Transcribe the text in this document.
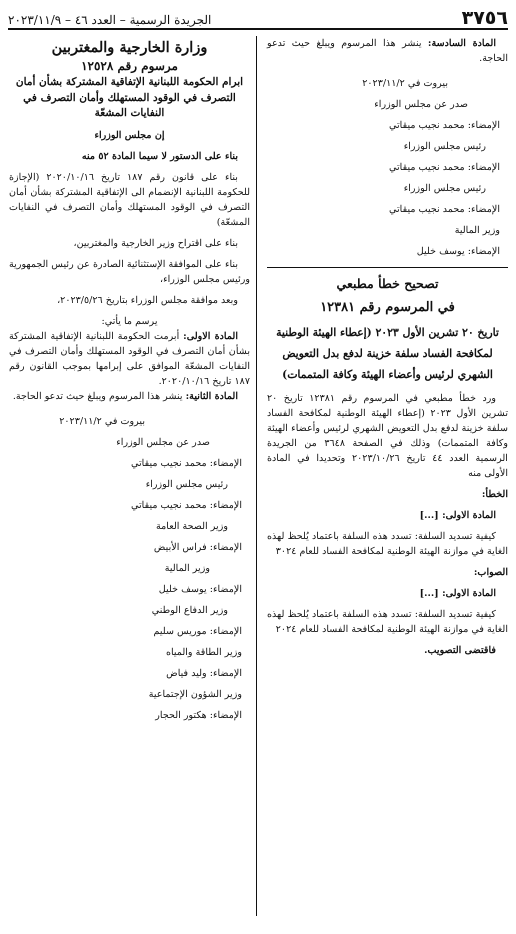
٣٧٥٦
الجريدة الرسمية – العدد ٤٦ – ٢٠٢٣/١١/٩

المادة السادسة: ينشر هذا المرسوم ويبلغ حيث تدعو الحاجة.

بيروت في ٢٠٢٣/١١/٢

صدر عن مجلس الوزراء

الإمضاء: محمد نجيب ميقاتي

رئيس مجلس الوزراء

الإمضاء: محمد نجيب ميقاتي

رئيس مجلس الوزراء

الإمضاء: محمد نجيب ميقاتي

وزير المالية

الإمضاء: يوسف خليل

تصحيح خطأ مطبعي

في المرسوم رقم ١٢٣٨١

تاريخ ٢٠ تشرين الأول ٢٠٢٣ (إعطاء الهيئة الوطنية لمكافحة الفساد سلفة خزينة لدفع بدل التعويض الشهري لرئيس وأعضاء الهيئة وكافة المتممات)

ورد خطأ مطبعي في المرسوم رقم ١٢٣٨١ تاريخ ٢٠ تشرين الأول ٢٠٢٣ (إعطاء الهيئة الوطنية لمكافحة الفساد سلفة خزينة لدفع بدل التعويض الشهري لرئيس وأعضاء الهيئة وكافة المتممات) وذلك في الصفحة ٣٦٤٨ من الجريدة الرسمية العدد ٤٤ تاريخ ٢٠٢٣/١٠/٢٦ وتحديدا في المادة الأولى منه

الخطأ:

المادة الاولى: [...]

كيفية تسديد السلفة: تسدد هذه السلفة باعتماد يُلحظ لهذه الغاية في موازنة الهيئة الوطنية لمكافحة الفساد للعام ٣٠٢٤

الصواب:

المادة الاولى: [...]

كيفية تسديد السلفة: تسدد هذه السلفة باعتماد يُلحظ لهذه الغاية في موازنة الهيئة الوطنية لمكافحة الفساد للعام ٢٠٢٤

فاقتضى التصويب.

وزارة الخارجية والمغتربين

مرسوم رقم ١٢٥٢٨

ابرام الحكومة اللبنانية الإتفاقية المشتركة بشأن أمان التصرف في الوقود المستهلك وأمان التصرف في النفايات المشعّة

إن مجلس الوزراء

بناء على الدستور لا سيما المادة ٥٢ منه

بناء على قانون رقم ١٨٧ تاريخ ٢٠٢٠/١٠/١٦ (الإجازة للحكومة اللبنانية الإنضمام الى الإتفاقية المشتركة بشأن أمان التصرف في الوقود المستهلك وأمان التصرف في النفايات المشعّة)

بناء على اقتراح وزير الخارجية والمغتربين،

بناء على الموافقة الإستثنائية الصادرة عن رئيس الجمهورية ورئيس مجلس الوزراء،

وبعد موافقة مجلس الوزراء بتاريخ ٢٠٢٣/٥/٢٦،

يرسم ما يأتي:

المادة الاولى: أبرمت الحكومة اللبنانية الإتفاقية المشتركة بشأن أمان التصرف في الوقود المستهلك وأمان التصرف في النفايات المشعّة الموافق على إبرامها بموجب القانون رقم ١٨٧ تاريخ ٢٠٢٠/١٠/١٦.

المادة الثانية: ينشر هذا المرسوم ويبلغ حيث تدعو الحاجة.

بيروت في ٢٠٢٣/١١/٢

صدر عن مجلس الوزراء

الإمضاء: محمد نجيب ميقاتي

رئيس مجلس الوزراء

الإمضاء: محمد نجيب ميقاتي

وزير الصحة العامة

الإمضاء: فراس الأبيض

وزير المالية

الإمضاء: يوسف خليل

وزير الدفاع الوطني

الإمضاء: موريس سليم

وزير الطاقة والمياه

الإمضاء: وليد فياض

وزير الشؤون الإجتماعية

الإمضاء: هكتور الحجار
